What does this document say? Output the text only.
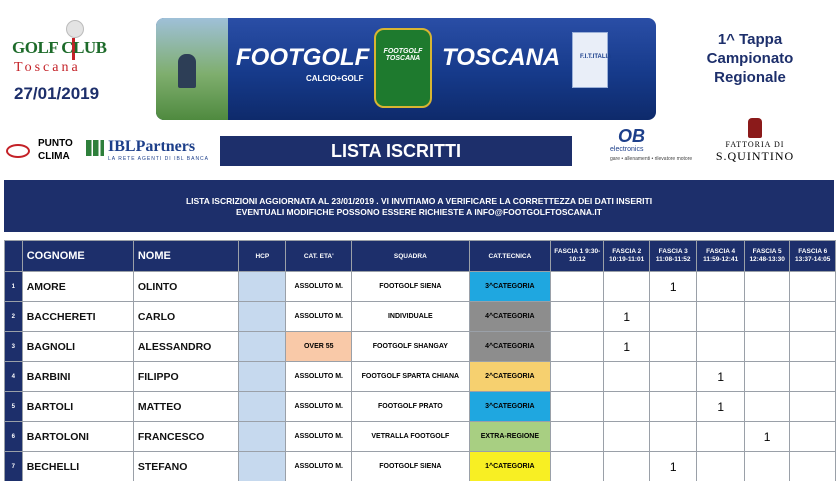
GOLF CLUB
Toscana
27/01/2019
FOOTGOLF
CALCIO+GOLF
FOOTGOLF TOSCANA TOSCANA	F.I.T.ITALIA
1^ Tappa
Campionato
Regionale
PUNTO
CLIMA
IBLPartners
LA RETE AGENTI DI IBL BANCA	LISTA ISCRITTI
OB
electronics
gare • allenamenti • rilevatore motore
FATTORIA DI
S.QUINTINO
LISTA ISCRIZIONI AGGIORNATA AL 23/01/2019 . VI INVITIAMO A VERIFICARE LA CORRETTEZZA DEI DATI INSERITI
EVENTUALI MODIFICHE POSSONO ESSERE RICHIESTE A INFO@FOOTGOLFTOSCANA.IT
	COGNOME	NOME	HCP	CAT. ETA'	SQUADRA	CAT.TECNICA	FASCIA 1 9:30-10:12	FASCIA 2 10:19-11:01	FASCIA 3 11:08-11:52	FASCIA 4 11:59-12:41	FASCIA 5 12:48-13:30	FASCIA 6 13:37-14:05
1	AMORE	OLINTO		ASSOLUTO M.	FOOTGOLF SIENA	3^CATEGORIA			1			
2	BACCHERETI	CARLO		ASSOLUTO M.	INDIVIDUALE	4^CATEGORIA		1				
3	BAGNOLI	ALESSANDRO		OVER 55	FOOTGOLF SHANGAY	4^CATEGORIA		1				
4	BARBINI	FILIPPO		ASSOLUTO M.	FOOTGOLF SPARTA CHIANA	2^CATEGORIA				1		
5	BARTOLI	MATTEO		ASSOLUTO M.	FOOTGOLF PRATO	3^CATEGORIA				1		
6	BARTOLONI	FRANCESCO		ASSOLUTO M.	VETRALLA FOOTGOLF	EXTRA-REGIONE					1	
7	BECHELLI	STEFANO		ASSOLUTO M.	FOOTGOLF SIENA	1^CATEGORIA			1			
